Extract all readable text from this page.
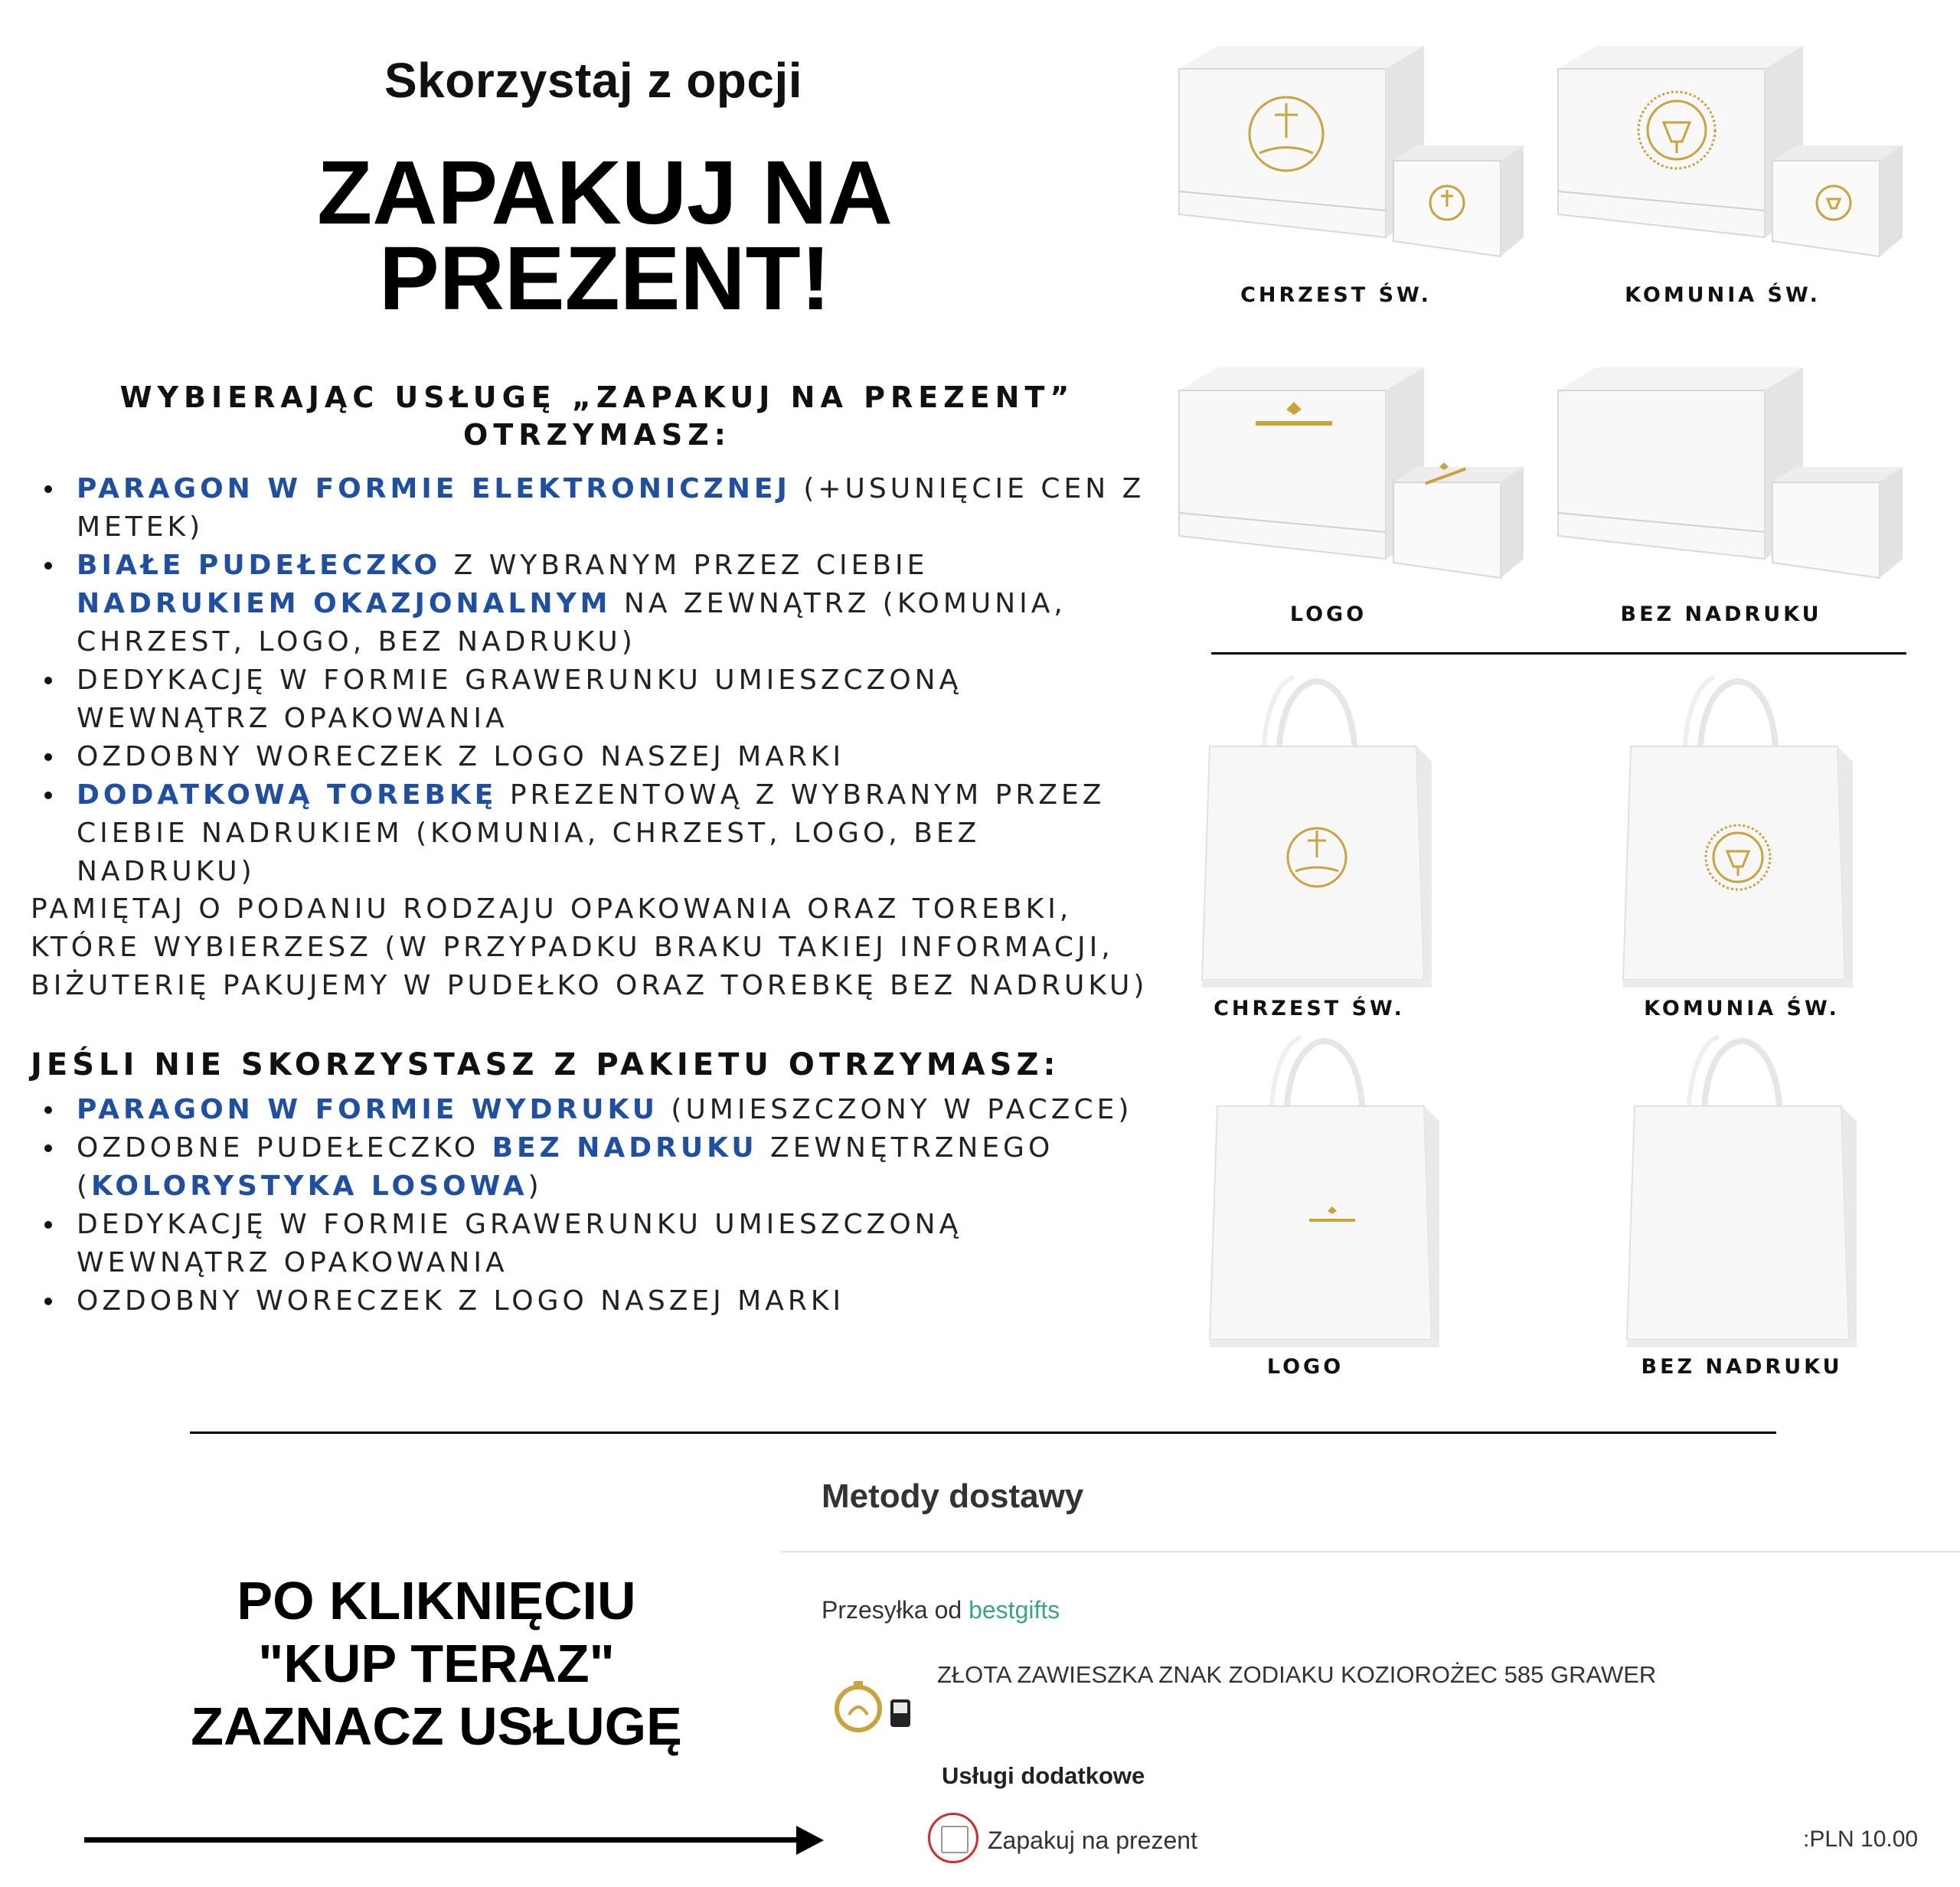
Skorzystaj z opcji
ZAPAKUJ NA
PREZENT!
WYBIERAJĄC USŁUGĘ „ZAPAKUJ NA PREZENT”
OTRZYMASZ:
PARAGON W FORMIE ELEKTRONICZNEJ (+USUNIĘCIE CEN Z METEK)
BIAŁE PUDEŁECZKO Z WYBRANYM PRZEZ CIEBIE NADRUKIEM OKAZJONALNYM NA ZEWNĄTRZ (KOMUNIA, CHRZEST, LOGO, BEZ NADRUKU)
DEDYKACJĘ W FORMIE GRAWERUNKU UMIESZCZONĄ WEWNĄTRZ OPAKOWANIA
OZDOBNY WORECZEK Z LOGO NASZEJ MARKI
DODATKOWĄ TOREBKĘ PREZENTOWĄ Z WYBRANYM PRZEZ CIEBIE NADRUKIEM (KOMUNIA, CHRZEST, LOGO, BEZ NADRUKU)
PAMIĘTAJ O PODANIU RODZAJU OPAKOWANIA ORAZ TOREBKI, KTÓRE WYBIERZESZ (W PRZYPADKU BRAKU TAKIEJ INFORMACJI, BIŻUTERIĘ PAKUJEMY W PUDEŁKO ORAZ TOREBKĘ BEZ NADRUKU)
JEŚLI NIE SKORZYSTASZ Z PAKIETU OTRZYMASZ:
PARAGON W FORMIE WYDRUKU (UMIESZCZONY W PACZCE)
OZDOBNE PUDEŁECZKO BEZ NADRUKU ZEWNĘTRZNEGO (KOLORYSTYKA LOSOWA)
DEDYKACJĘ W FORMIE GRAWERUNKU UMIESZCZONĄ WEWNĄTRZ OPAKOWANIA
OZDOBNY WORECZEK Z LOGO NASZEJ MARKI
CHRZEST ŚW.	KOMUNIA ŚW.
LOGO	BEZ NADRUKU
CHRZEST ŚW.	KOMUNIA ŚW.
LOGO	BEZ NADRUKU
PO KLIKNIĘCIU
"KUP TERAZ"
ZAZNACZ USŁUGĘ
Metody dostawy
Przesyłka od bestgifts
ZŁOTA ZAWIESZKA ZNAK ZODIAKU KOZIOROŻEC 585 GRAWER
Usługi dodatkowe
Zapakuj na prezent	:PLN 10.00
